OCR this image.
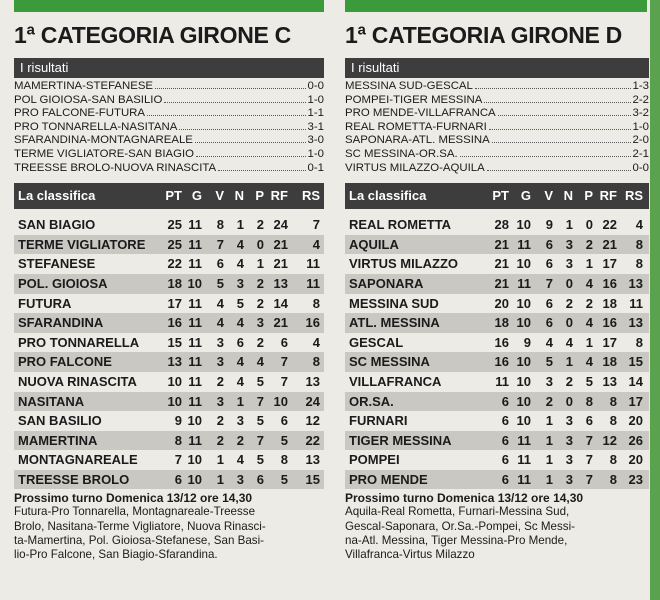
1ª CATEGORIA GIRONE C
I risultati
MAMERTINA-STEFANESE	0-0
POL GIOIOSA-SAN BASILIO	1-0
PRO FALCONE-FUTURA	1-1
PRO TONNARELLA-NASITANA	3-1
SFARANDINA-MONTAGNAREALE	3-0
TERME VIGLIATORE-SAN BIAGIO	1-0
TREESSE BROLO-NUOVA RINASCITA	0-1
La classifica	PT G	V N P RF	RS
SAN BIAGIO	25 11	8 1 2 24	7
TERME VIGLIATORE	25 11	7 4 0 21	4
STEFANESE	22 11	6 4 1 21	11
POL. GIOIOSA	18 10	5 3 2 13	11
FUTURA	17 11	4 5 2 14	8
SFARANDINA	16 11	4 4 3 21	16
PRO TONNARELLA	15 11	3 6 2	6	4
PRO FALCONE	13 11	3 4 4	7	8
NUOVA RINASCITA	10 11	2 4 5	7	13
NASITANA	10 11	3 1 7 10	24
SAN BASILIO	9 10	2 3 5	6	12
MAMERTINA	8 11	2 2 7	5	22
MONTAGNAREALE	7 10	1 4 5	8	13
TREESSE BROLO	6 10	1 3 6	5	15
Prossimo turno Domenica 13/12 ore 14,30
Futura-Pro Tonnarella, Montagnareale-Treesse
Brolo, Nasitana-Terme Vigliatore, Nuova Rinasci-
ta-Mamertina, Pol. Gioiosa-Stefanese, San Basi-
lio-Pro Falcone, San Biagio-Sfarandina.
1ª CATEGORIA GIRONE D
I risultati
MESSINA SUD-GESCAL	1-3
POMPEI-TIGER MESSINA	2-2
PRO MENDE-VILLAFRANCA	3-2
REAL ROMETTA-FURNARI	1-0
SAPONARA-ATL. MESSINA	2-0
SC MESSINA-OR.SA.	2-1
VIRTUS MILAZZO-AQUILA	0-0
La classifica	PT G	V N P RF RS
REAL ROMETTA	28 10	9 1 0 22	4
AQUILA	21 11	6 3 2 21	8
VIRTUS MILAZZO	21 10	6 3 1 17	8
SAPONARA	21 11	7 0 4 16 13
MESSINA SUD	20 10	6 2 2 18 11
ATL. MESSINA	18 10	6 0 4 16 13
GESCAL	16	9	4 4 1 17	8
SC MESSINA	16 10	5 1 4 18 15
VILLAFRANCA	11 10	3 2 5 13 14
OR.SA.	6 10	2 0 8	8 17
FURNARI	6 10	1 3 6	8 20
TIGER MESSINA	6 11	1 3 7 12 26
POMPEI	6 11	1 3 7	8 20
PRO MENDE	6 11	1 3 7	8 23
Prossimo turno Domenica 13/12 ore 14,30
Aquila-Real Rometta, Furnari-Messina Sud,
Gescal-Saponara, Or.Sa.-Pompei, Sc Messi-
na-Atl. Messina, Tiger Messina-Pro Mende,
Villafranca-Virtus Milazzo
